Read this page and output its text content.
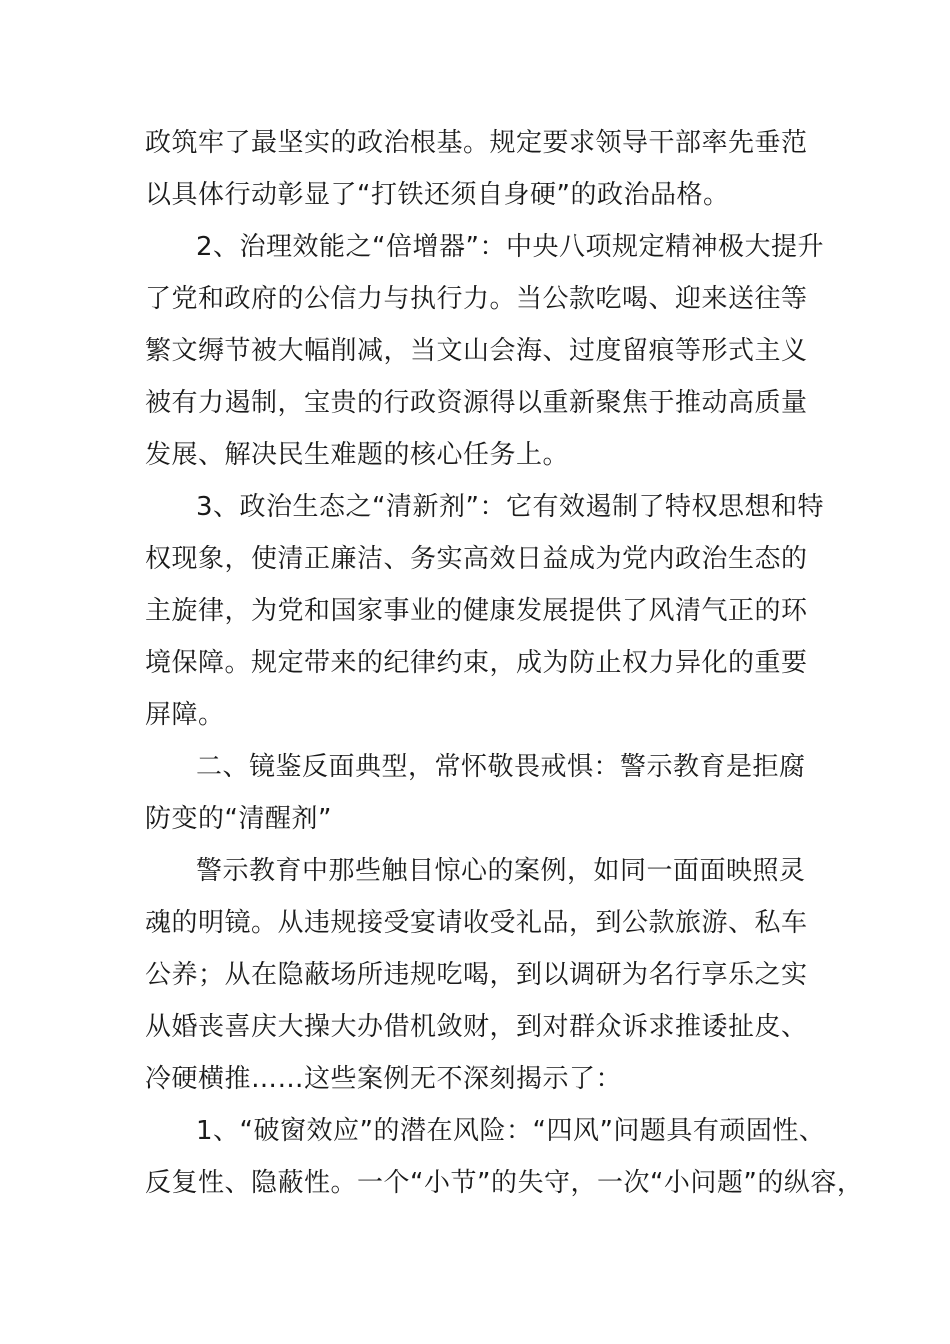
政筑牢了最坚实的政治根基。规定要求领导干部率先垂范
以具体行动彰显了“打铁还须自身硬”的政治品格。
2、治理效能之“倍增器”：中央八项规定精神极大提升
了党和政府的公信力与执行力。当公款吃喝、迎来送往等
繁文缛节被大幅削减，当文山会海、过度留痕等形式主义
被有力遏制，宝贵的行政资源得以重新聚焦于推动高质量
发展、解决民生难题的核心任务上。
3、政治生态之“清新剂”：它有效遏制了特权思想和特
权现象，使清正廉洁、务实高效日益成为党内政治生态的
主旋律，为党和国家事业的健康发展提供了风清气正的环
境保障。规定带来的纪律约束，成为防止权力异化的重要
屏障。
二、镜鉴反面典型，常怀敬畏戒惧：警示教育是拒腐
防变的“清醒剂”
警示教育中那些触目惊心的案例，如同一面面映照灵
魂的明镜。从违规接受宴请收受礼品，到公款旅游、私车
公养；从在隐蔽场所违规吃喝，到以调研为名行享乐之实
从婚丧喜庆大操大办借机敛财，到对群众诉求推诿扯皮、
冷硬横推……这些案例无不深刻揭示了：
1、“破窗效应”的潜在风险：“四风”问题具有顽固性、
反复性、隐蔽性。一个“小节”的失守，一次“小问题”的纵容，
